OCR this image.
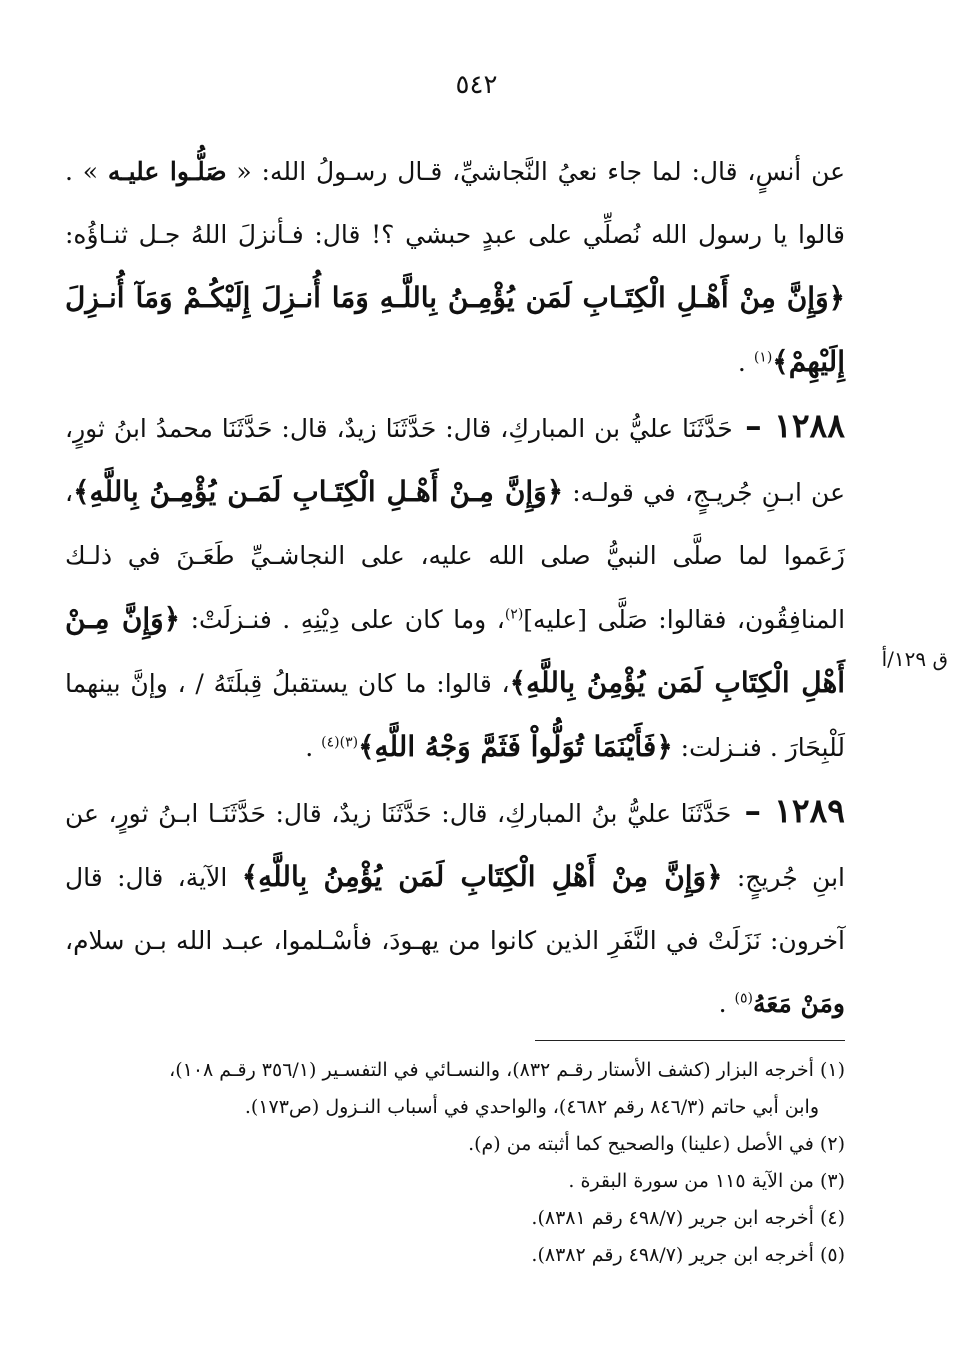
٥٤٢

عن أنسٍ، قال: لما جاء نعيُ النَّجاشيِّ، قـال رسـولُ الله: « صَلُّـوا عليـه » . قالوا يا رسول الله نُصلِّي على عبدٍ حبشي ؟! قال: فـأنزلَ اللهُ جـل ثنـاؤُه: ﴿وَإِنَّ مِنْ أَهْـلِ الْكِتَـابِ لَمَن يُؤْمِـنُ بِاللَّـهِ وَمَا أُنـزِلَ إِلَيْكُـمْ وَمَآ أُنـزِلَ إِلَيْهِمْ﴾$^{(١)}$ .

١٢٨٨ – حَدَّثَنَا عليُّ بن المباركِ، قال: حَدَّثَنَا زيدٌ، قال: حَدَّثَنَا محمدُ ابنُ ثورٍ، عن ابـنِ جُريـجٍ، في قولـه: ﴿وَإِنَّ مِـنْ أَهْـلِ الْكِتَـابِ لَمَـن يُؤْمِـنُ بِاللَّهِ﴾، زَعَموا لما صلَّى النبيُّ صلى الله عليه، على النجاشـيِّ طَعَـنَ في ذلـك المنافِقُون، فقالوا: صَلَّى [عليه]$^{(٢)}$، وما كان على دِيْنِهِ . فنـزلَتْ: ﴿وَإِنَّ مِـنْ أَهْلِ الْكِتَابِ لَمَن يُؤْمِنُ بِاللَّهِ﴾، قالوا: ما كان يستقبلُ قِبلَتَهُ / ، وإنَّ بينهما لَلْبِحَارَ . فنـزلت: ﴿فَأَيْنَمَا تُوَلُّواْ فَثَمَّ وَجْهُ اللَّهِ﴾$^{(٣)(٤)}$ .

١٢٨٩ – حَدَّثَنَا عليُّ بنُ المباركِ، قال: حَدَّثَنَا زيدٌ، قال: حَدَّثَنَـا ابـنُ ثورٍ، عن ابنِ جُريجٍ: ﴿وَإِنَّ مِنْ أَهْلِ الْكِتَابِ لَمَن يُؤْمِنُ بِاللَّهِ﴾ الآية، قال: قال آخرون: نَزَلَتْ في النَّفَرِ الذين كانوا من يهـودَ، فأسْـلموا، عبـد الله بـن سلام، ومَنْ مَعَهُ$^{(٥)}$ .

ق ١٢٩/أ

(١) أخرجه البزار (كشف الأستار رقـم ٨٣٢)، والنسـائي في التفسـير (٣٥٦/١ رقـم ١٠٨)،

وابن أبي حاتم (٨٤٦/٣ رقم ٤٦٨٢)، والواحدي في أسباب النـزول (ص١٧٣).

(٢) في الأصل (علينا) والصحيح كما أثبته من (م).

(٣) من الآية ١١٥ من سورة البقرة .

(٤) أخرجه ابن جرير (٤٩٨/٧ رقم ٨٣٨١).

(٥) أخرجه ابن جرير (٤٩٨/٧ رقم ٨٣٨٢).
